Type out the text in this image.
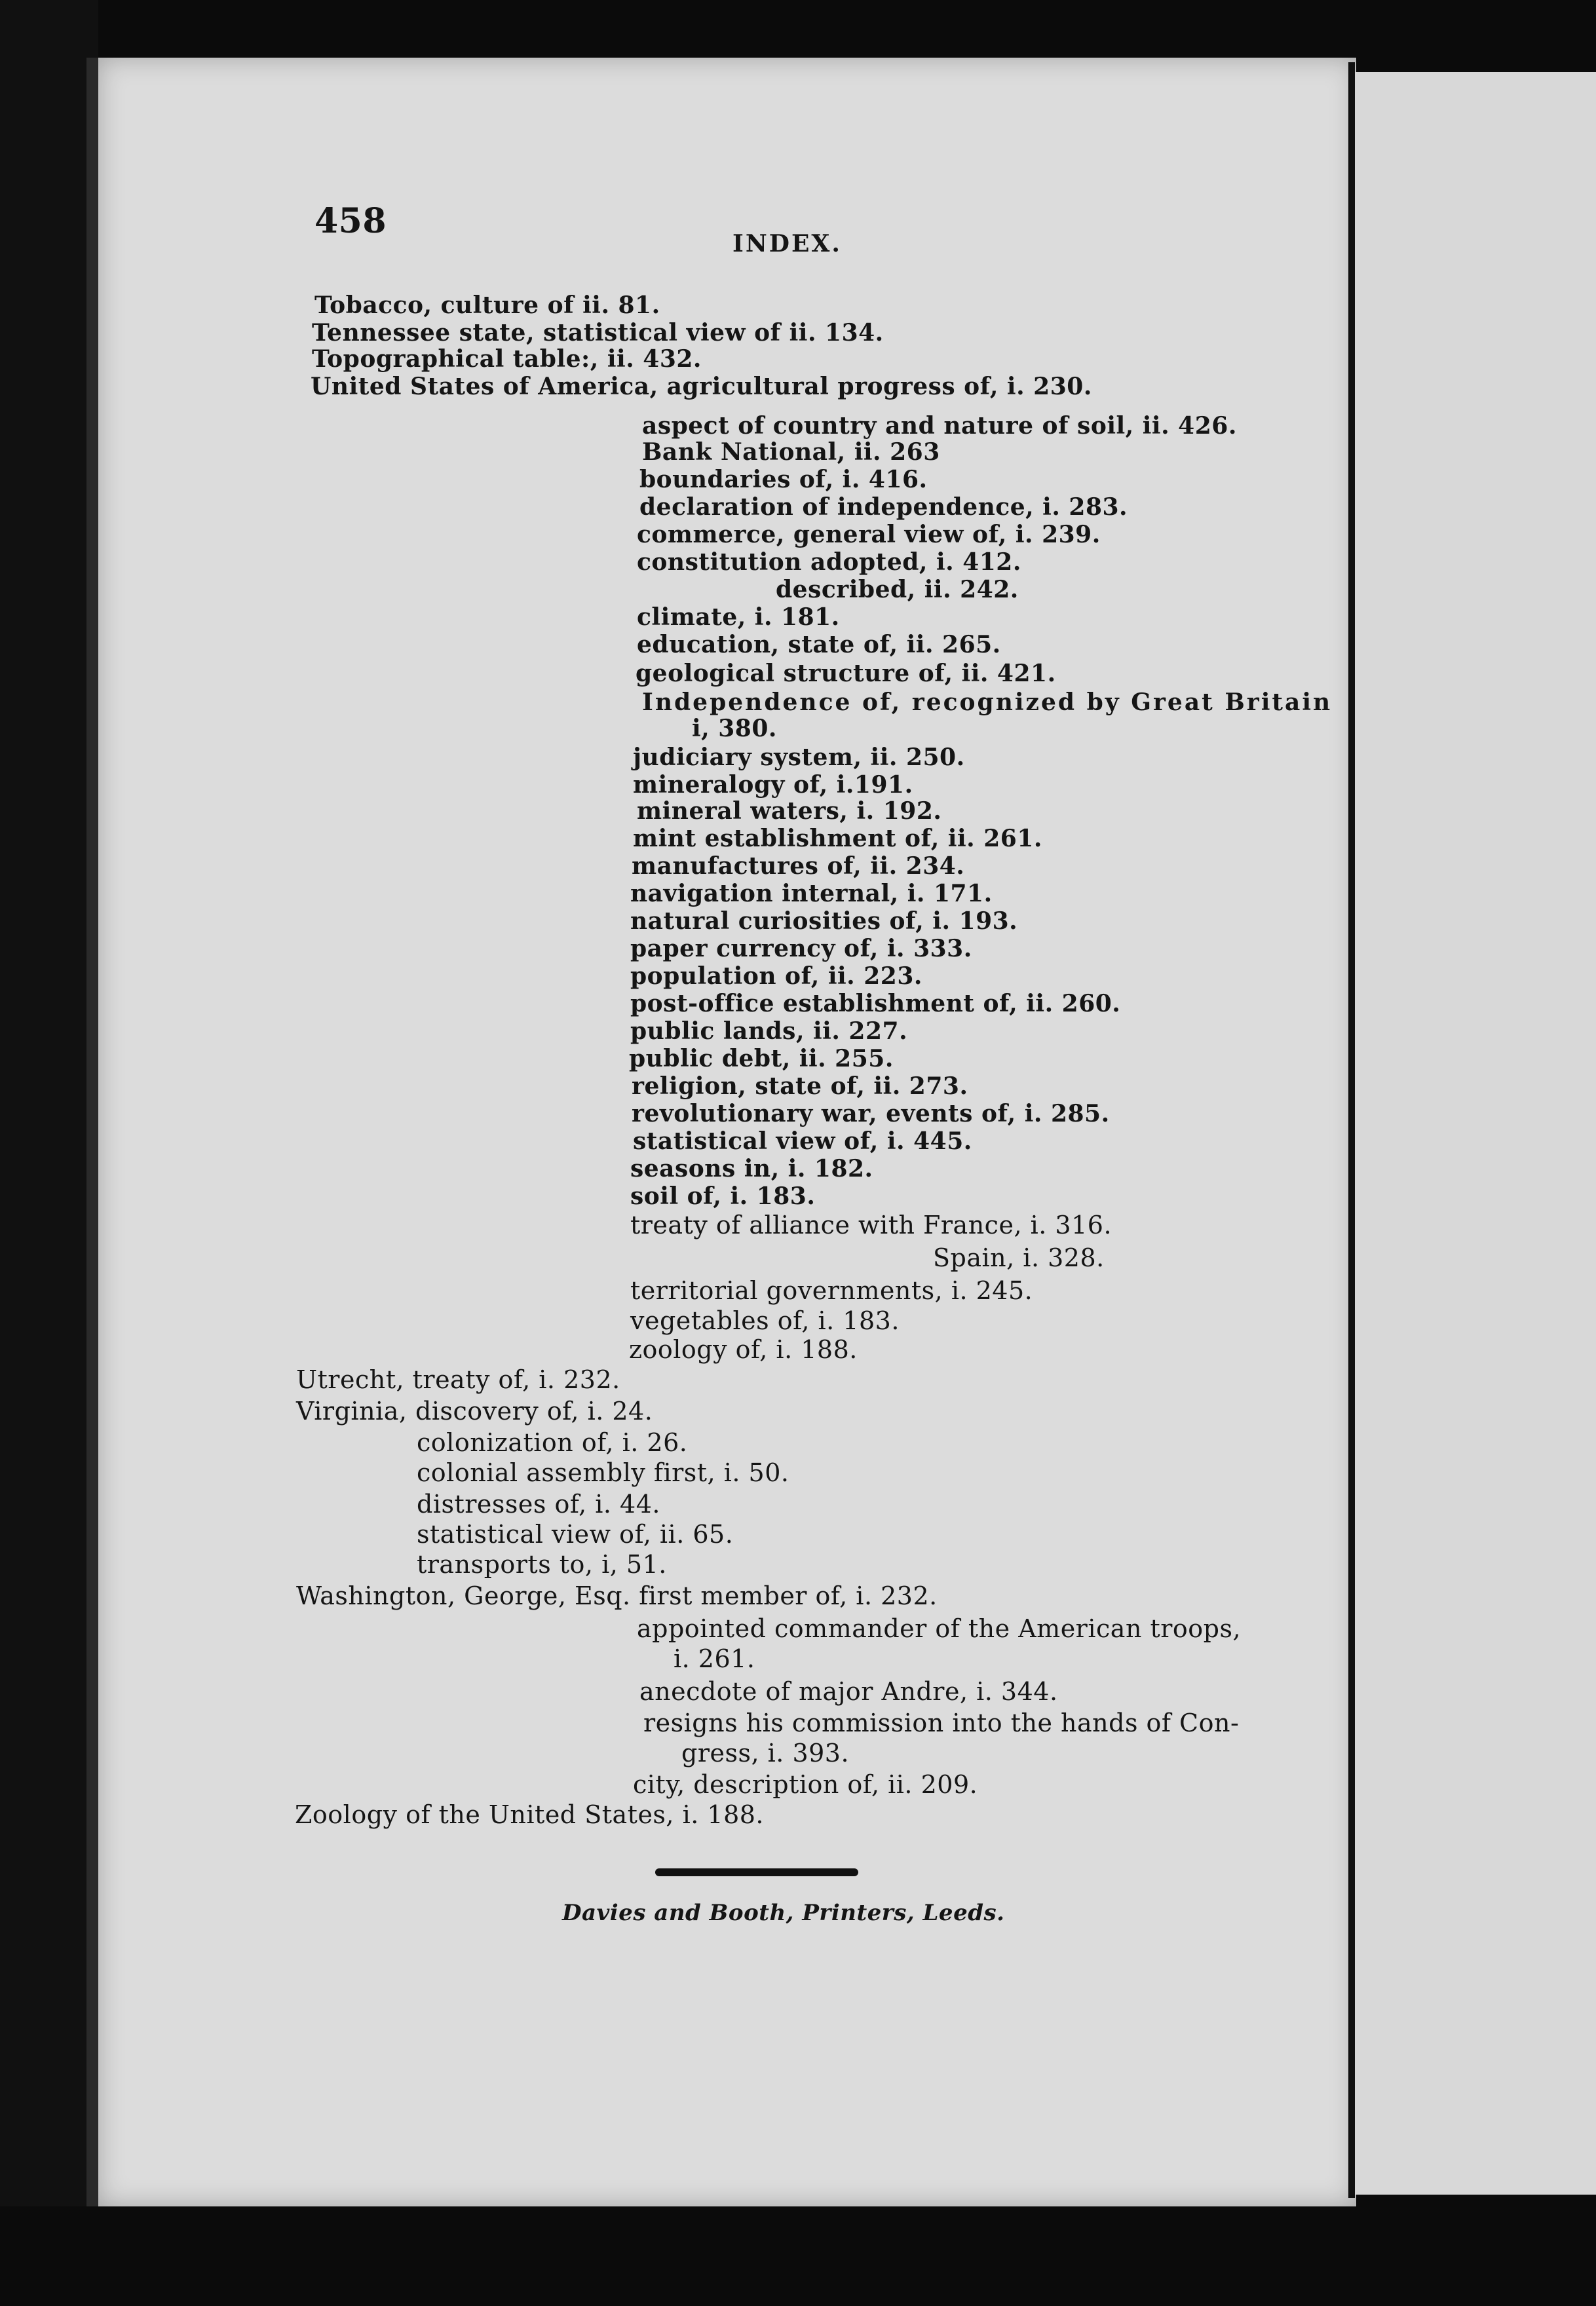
458
INDEX.
Tobacco, culture of ii. 81.
Tennessee state, statistical view of ii. 134.
Topographical table:, ii. 432.
United States of America, agricultural progress of, i. 230.
aspect of country and nature of soil, ii. 426.
Bank National, ii. 263
boundaries of, i. 416.
declaration of independence, i. 283.
commerce, general view of, i. 239.
constitution adopted, i. 412.
described, ii. 242.
climate, i. 181.
education, state of, ii. 265.
geological structure of, ii. 421.
Independence of, recognized by Great Britain
i, 380.
judiciary system, ii. 250.
mineralogy of, i.191.
mineral waters, i. 192.
mint establishment of, ii. 261.
manufactures of, ii. 234.
navigation internal, i. 171.
natural curiosities of, i. 193.
paper currency of, i. 333.
population of, ii. 223.
post-office establishment of, ii. 260.
public lands, ii. 227.
public debt, ii. 255.
religion, state of, ii. 273.
revolutionary war, events of, i. 285.
statistical view of, i. 445.
seasons in, i. 182.
soil of, i. 183.
treaty of alliance with France, i. 316.
Spain, i. 328.
territorial governments, i. 245.
vegetables of, i. 183.
zoology of, i. 188.
Utrecht, treaty of, i. 232.
Virginia, discovery of, i. 24.
colonization of, i. 26.
colonial assembly first, i. 50.
distresses of, i. 44.
statistical view of, ii. 65.
transports to, i, 51.
Washington, George, Esq. first member of, i. 232.
appointed commander of the American troops,
i. 261.
anecdote of major Andre, i. 344.
resigns his commission into the hands of Con-
gress, i. 393.
city, description of, ii. 209.
Zoology of the United States, i. 188.
Davies and Booth, Printers, Leeds.
